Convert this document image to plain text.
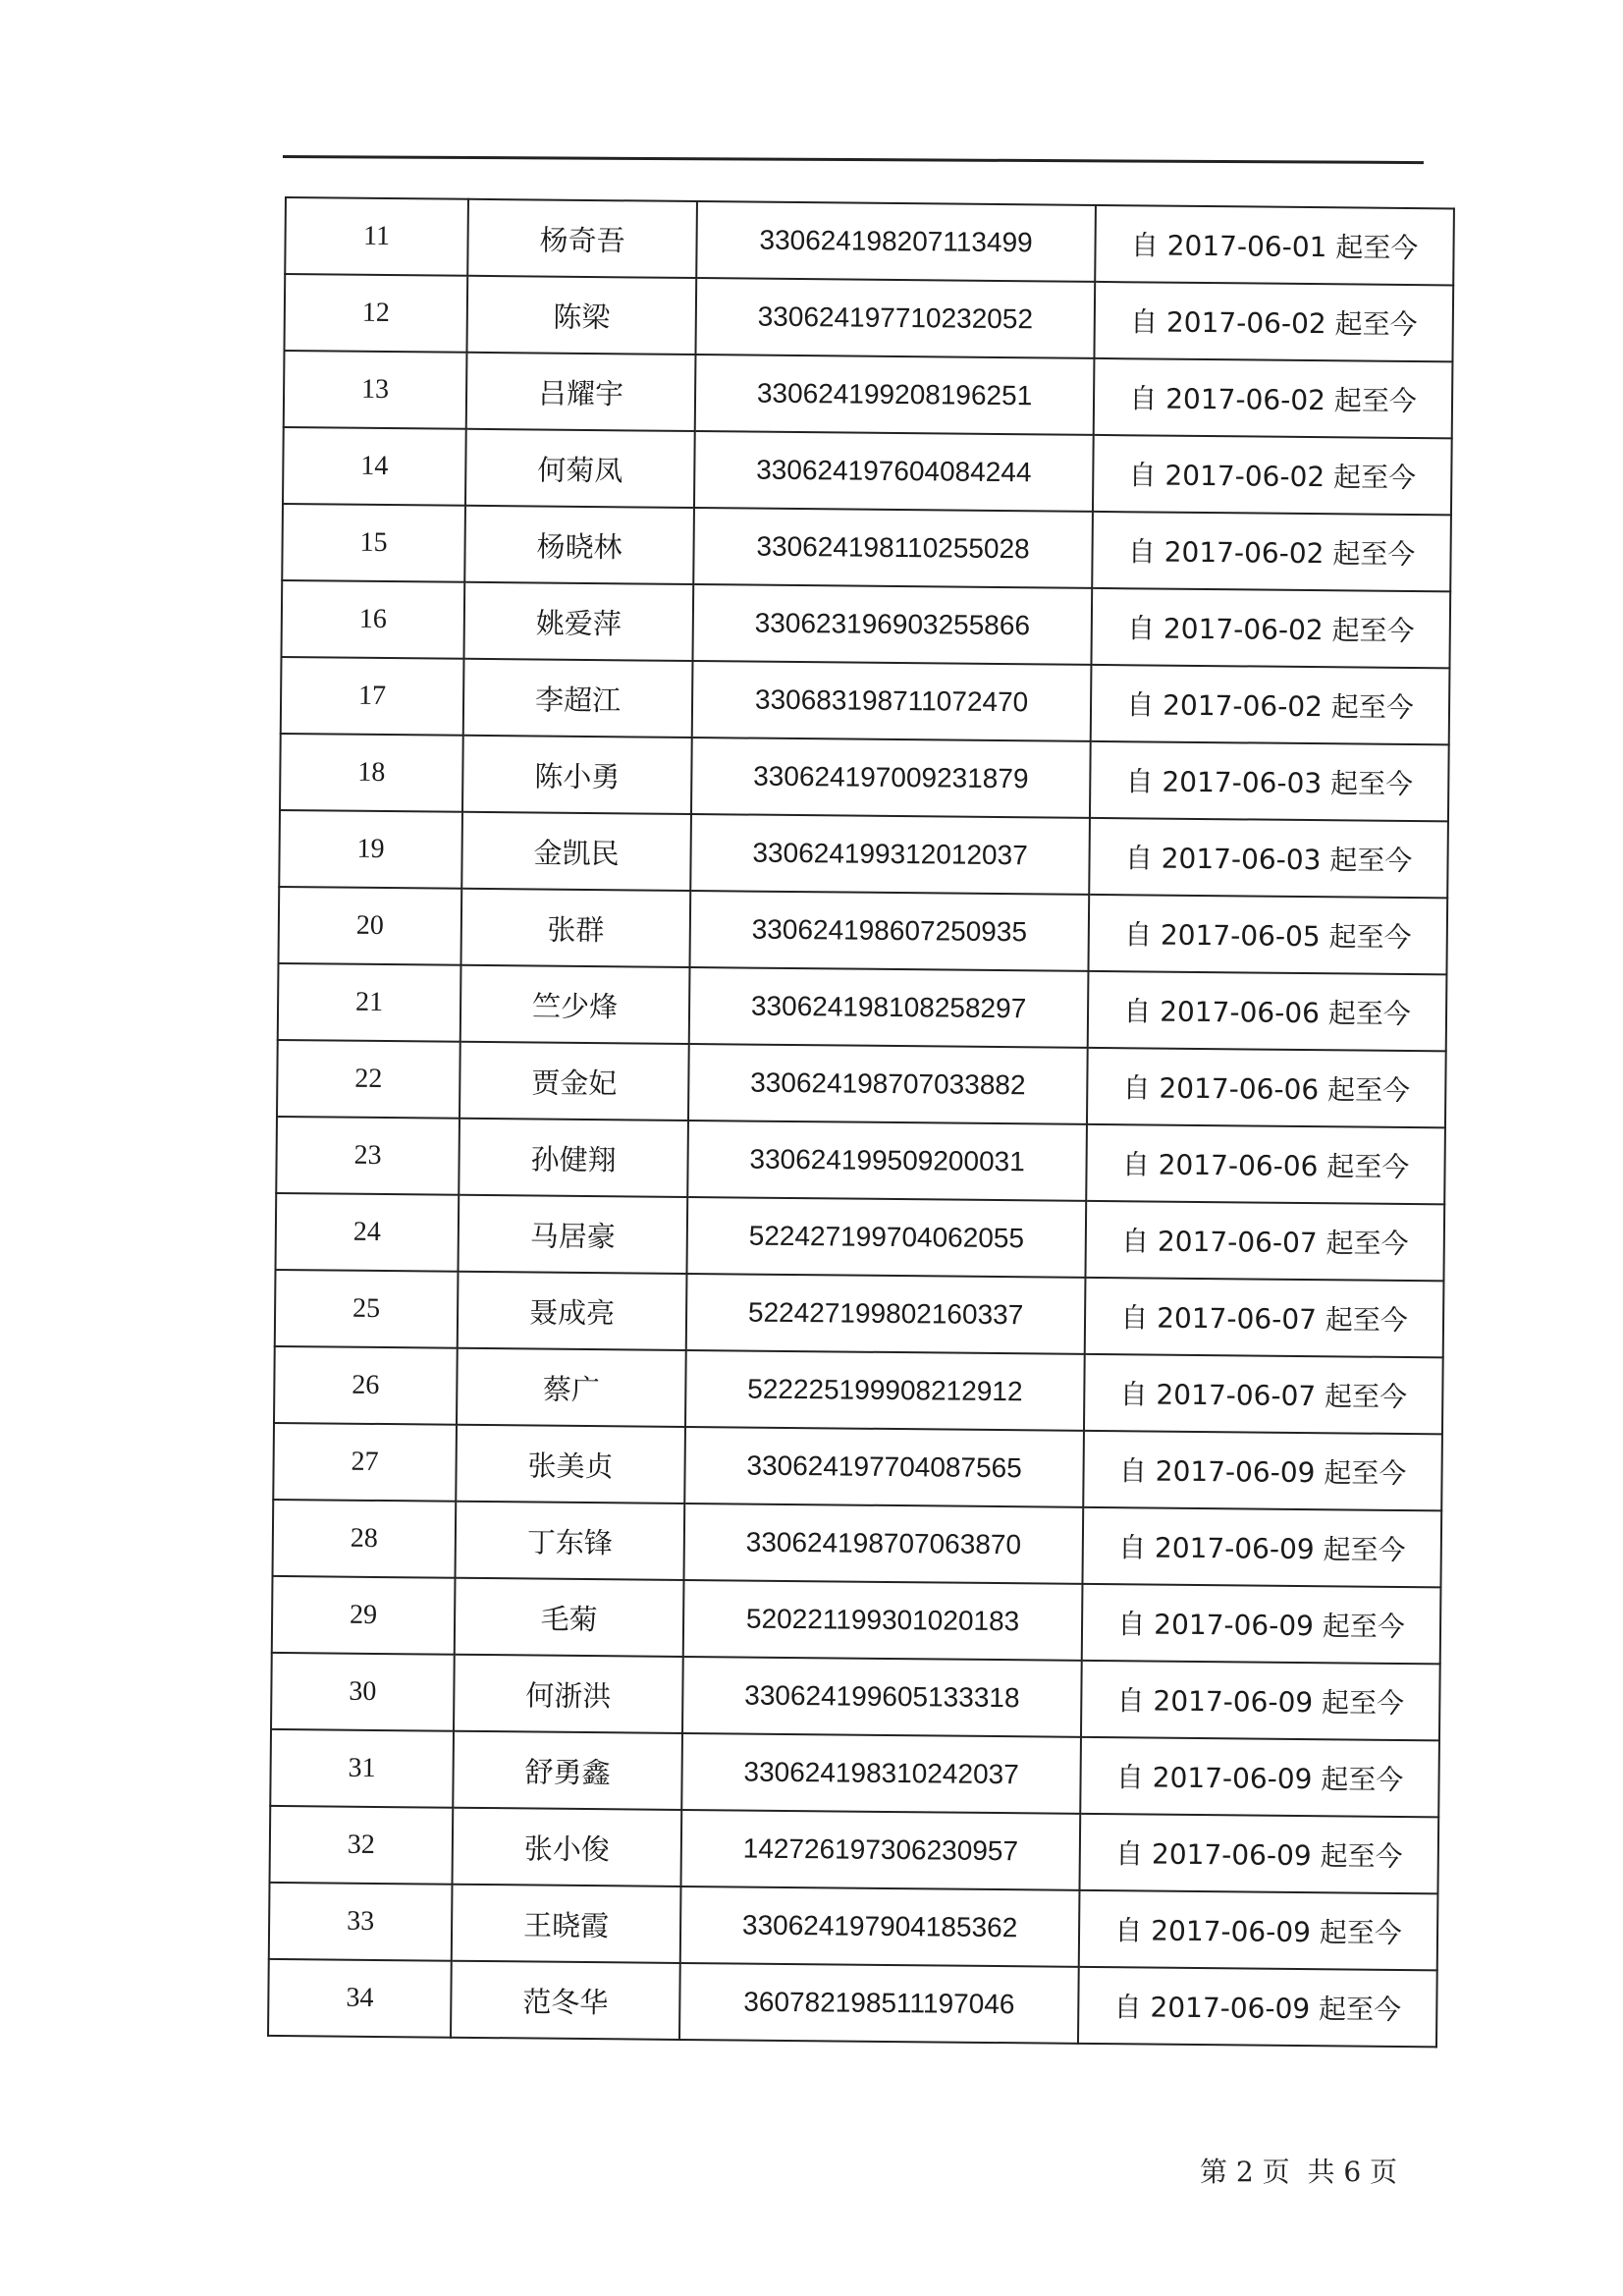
11	杨奇吾	330624198207113499	自 2017-06-01 起至今
12	陈梁	330624197710232052	自 2017-06-02 起至今
13	吕耀宇	330624199208196251	自 2017-06-02 起至今
14	何菊凤	330624197604084244	自 2017-06-02 起至今
15	杨晓林	330624198110255028	自 2017-06-02 起至今
16	姚爱萍	330623196903255866	自 2017-06-02 起至今
17	李超江	330683198711072470	自 2017-06-02 起至今
18	陈小勇	330624197009231879	自 2017-06-03 起至今
19	金凯民	330624199312012037	自 2017-06-03 起至今
20	张群	330624198607250935	自 2017-06-05 起至今
21	竺少烽	330624198108258297	自 2017-06-06 起至今
22	贾金妃	330624198707033882	自 2017-06-06 起至今
23	孙健翔	330624199509200031	自 2017-06-06 起至今
24	马居豪	522427199704062055	自 2017-06-07 起至今
25	聂成亮	522427199802160337	自 2017-06-07 起至今
26	蔡广	522225199908212912	自 2017-06-07 起至今
27	张美贞	330624197704087565	自 2017-06-09 起至今
28	丁东锋	330624198707063870	自 2017-06-09 起至今
29	毛菊	520221199301020183	自 2017-06-09 起至今
30	何浙洪	330624199605133318	自 2017-06-09 起至今
31	舒勇鑫	330624198310242037	自 2017-06-09 起至今
32	张小俊	142726197306230957	自 2017-06-09 起至今
33	王晓霞	330624197904185362	自 2017-06-09 起至今
34	范冬华	360782198511197046	自 2017-06-09 起至今
第 2 页 共 6 页
